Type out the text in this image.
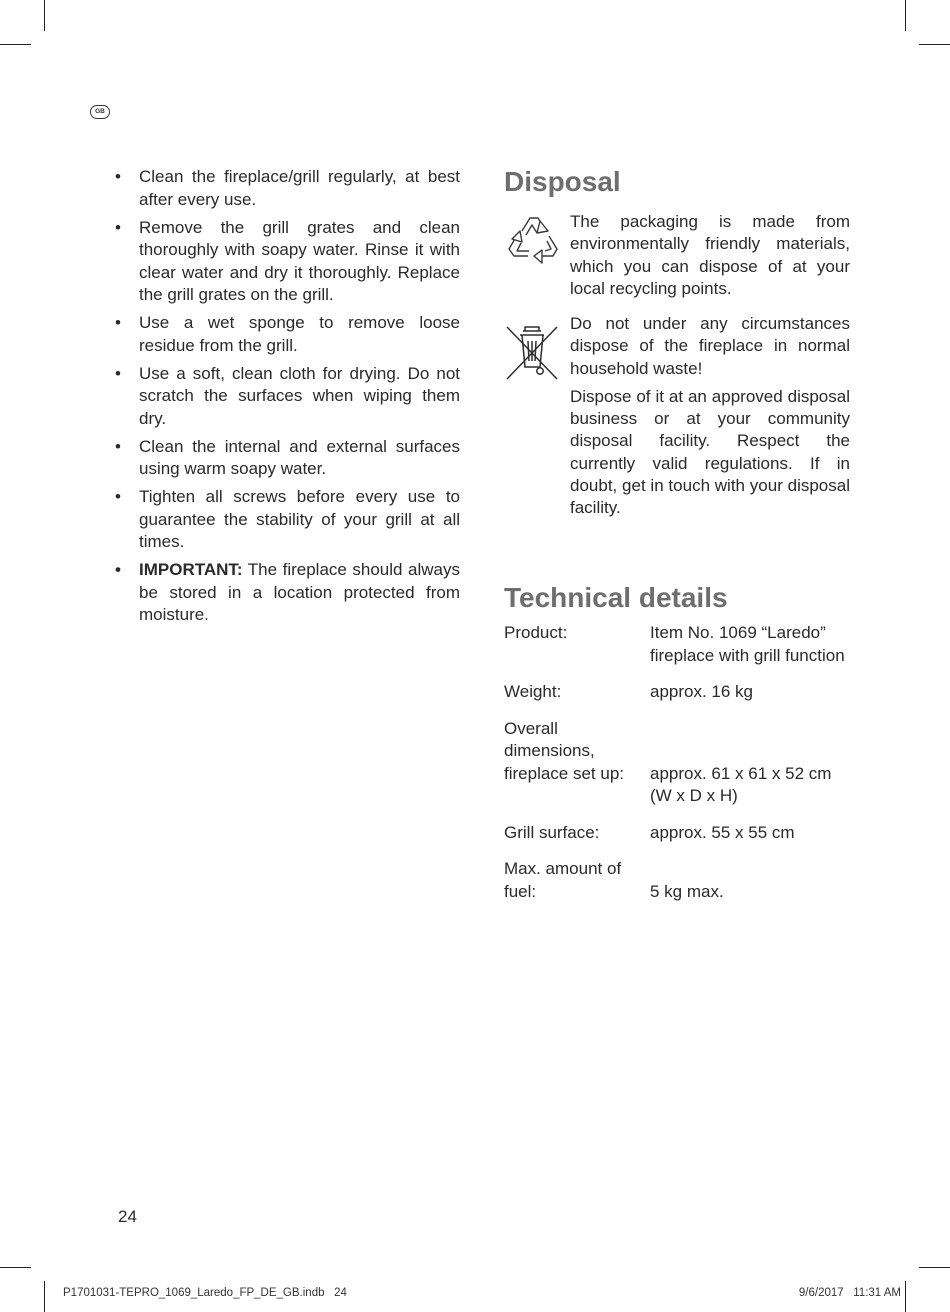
GB
• Clean the fireplace/grill regularly, at best after every use.
• Remove the grill grates and clean thoroughly with soapy water. Rinse it with clear water and dry it thoroughly. Replace the grill grates on the grill.
• Use a wet sponge to remove loose residue from the grill.
• Use a soft, clean cloth for drying. Do not scratch the surfaces when wiping them dry.
• Clean the internal and external surfaces using warm soapy water.
• Tighten all screws before every use to guarantee the stability of your grill at all times.
• IMPORTANT: The fireplace should always be stored in a location protected from moisture.
Disposal

The packaging is made from environmentally friendly materials, which you can dispose of at your local recycling points.

Do not under any circumstances dispose of the fireplace in normal household waste!

Dispose of it at an approved disposal business or at your community disposal facility. Respect the currently valid regulations. If in doubt, get in touch with your disposal facility.

Technical details
Product:	Item No. 1069 “Laredo” fireplace with grill function

Weight:	approx. 16 kg

Overall dimensions, fireplace set up:	approx. 61 x 61 x 52 cm (W x D x H)

Grill surface:	approx. 55 x 55 cm

Max. amount of fuel:	5 kg max.
24
P1701031-TEPRO_1069_Laredo_FP_DE_GB.indb   24	9/6/2017   11:31 AM
